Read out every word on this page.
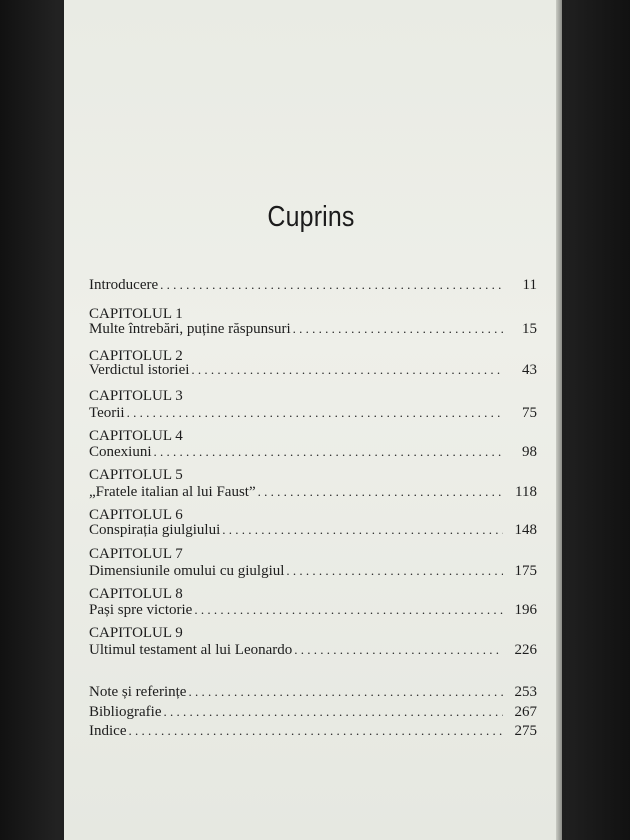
Cuprins
Introducere . . .	11
CAPITOLUL 1
Multe întrebări, puține răspunsuri . . .	15
CAPITOLUL 2
Verdictul istoriei . . .	43
CAPITOLUL 3
Teorii . . .	75
CAPITOLUL 4
Conexiuni . . .	98
CAPITOLUL 5
„Fratele italian al lui Faust” . . .	118
CAPITOLUL 6
Conspirația giulgiului . . .	148
CAPITOLUL 7
Dimensiunile omului cu giulgiul . . .	175
CAPITOLUL 8
Pași spre victorie . . .	196
CAPITOLUL 9
Ultimul testament al lui Leonardo . . .	226
Note și referințe . . .	253
Bibliografie . . .	267
Indice . . .	275
